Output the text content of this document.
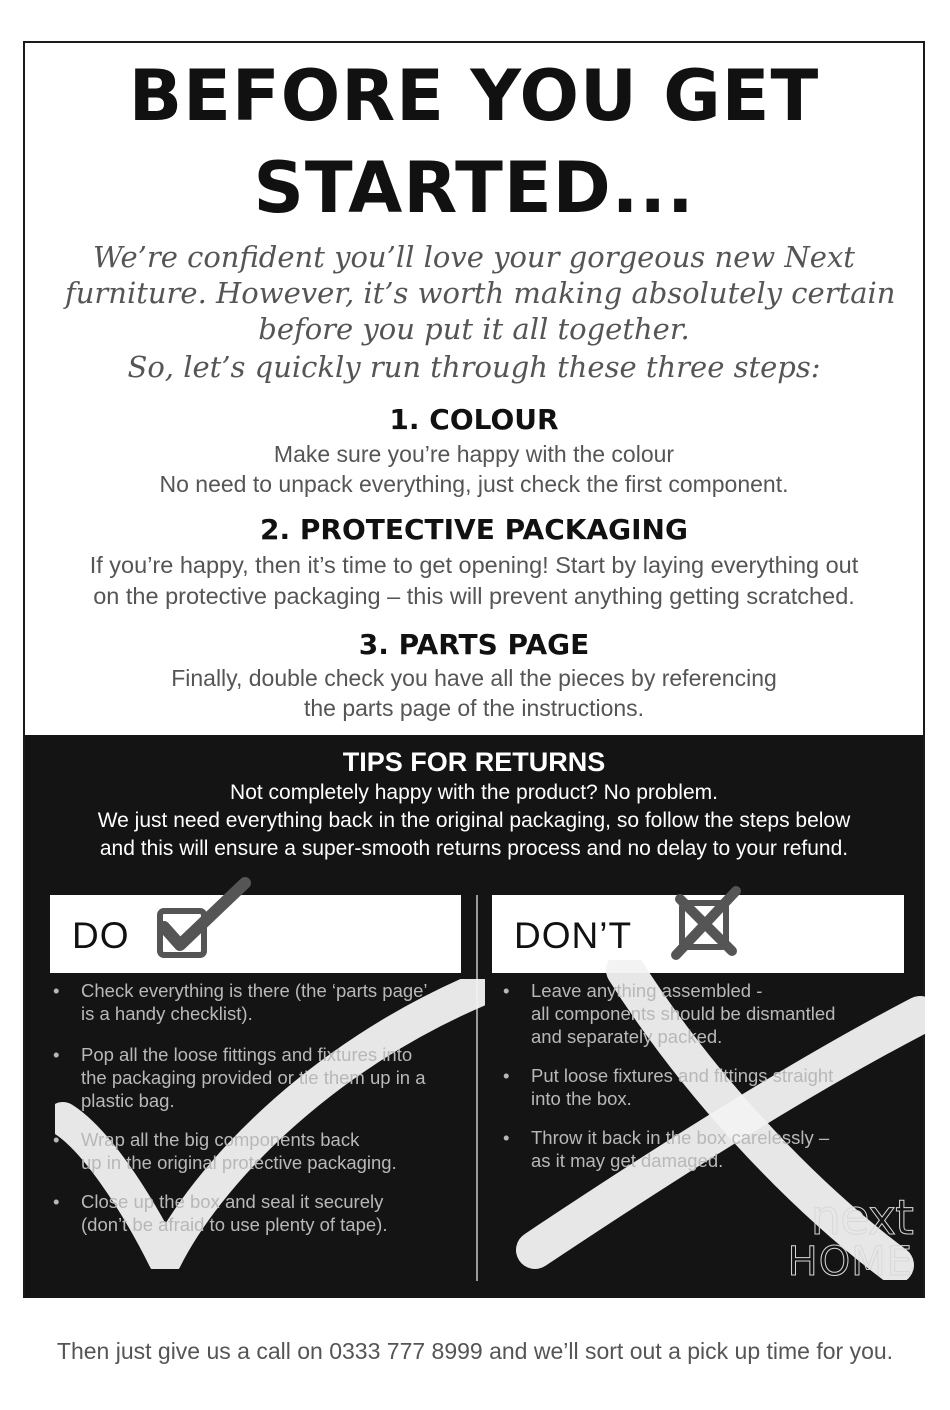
BEFORE YOU GET
STARTED...
We’re confident you’ll love your gorgeous new Next
furniture. However, it’s worth making absolutely certain
before you put it all together.
So, let’s quickly run through these three steps:
1. COLOUR
Make sure you’re happy with the colour
No need to unpack everything, just check the first component.
2. PROTECTIVE PACKAGING
If you’re happy, then it’s time to get opening! Start by laying everything out
on the protective packaging – this will prevent anything getting scratched.
3. PARTS PAGE
Finally, double check you have all the pieces by referencing
the parts page of the instructions.
TIPS FOR RETURNS
Not completely happy with the product? No problem.
We just need everything back in the original packaging, so follow the steps below
and this will ensure a super-smooth returns process and no delay to your refund.
DO	DON’T
• Check everything is there (the ‘parts page’
is a handy checklist).
• Pop all the loose fittings and fixtures into
the packaging provided or tie them up in a
plastic bag.
• Wrap all the big components back
up in the original protective packaging.
• Close up the box and seal it securely
(don’t be afraid to use plenty of tape).
• Leave anything assembled -
all components should be dismantled
and separately packed.
• Put loose fixtures and fittings straight
into the box.
• Throw it back in the box carelessly –
as it may get damaged.
next
HOME
Then just give us a call on 0333 777 8999 and we’ll sort out a pick up time for you.
